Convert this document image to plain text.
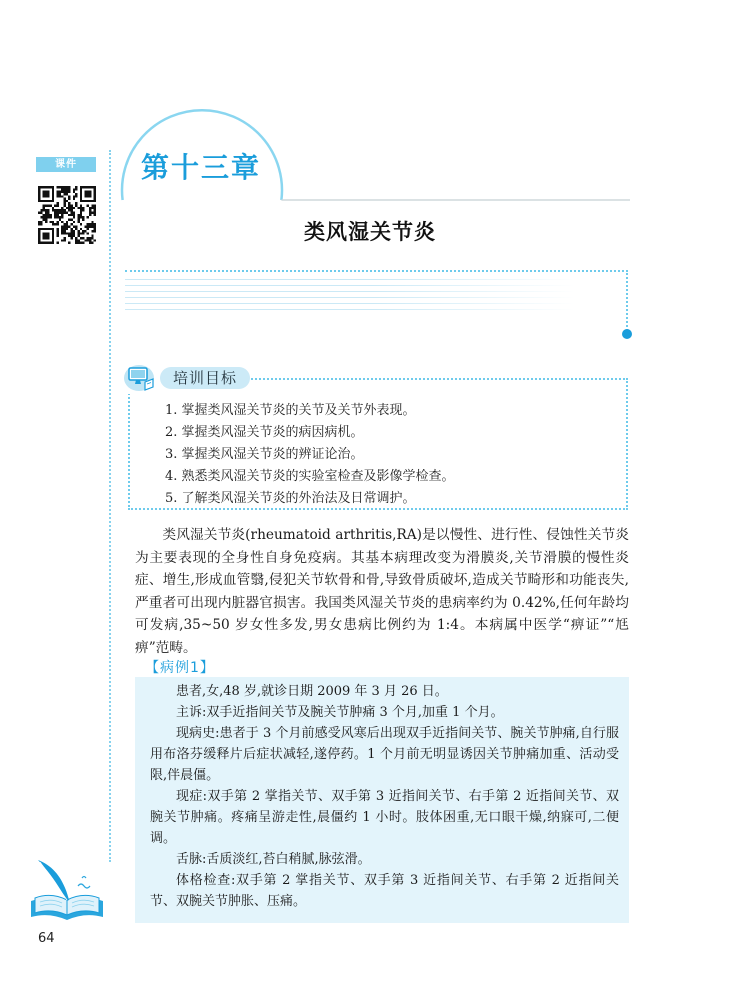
课件	第十三章
类风湿关节炎
培训目标
1. 掌握类风湿关节炎的关节及关节外表现。
2. 掌握类风湿关节炎的病因病机。
3. 掌握类风湿关节炎的辨证论治。
4. 熟悉类风湿关节炎的实验室检查及影像学检查。
5. 了解类风湿关节炎的外治法及日常调护。

类风湿关节炎(rheumatoid arthritis,RA)是以慢性、进行性、侵蚀性关节炎为主要表现的全身性自身免疫病。其基本病理改变为滑膜炎,关节滑膜的慢性炎症、增生,形成血管翳,侵犯关节软骨和骨,导致骨质破坏,造成关节畸形和功能丧失,严重者可出现内脏器官损害。我国类风湿关节炎的患病率约为 0.42%,任何年龄均可发病,35~50 岁女性多发,男女患病比例约为 1:4。本病属中医学“痹证”“尪痹”范畴。

【病例1】

患者,女,48 岁,就诊日期 2009 年 3 月 26 日。

主诉:双手近指间关节及腕关节肿痛 3 个月,加重 1 个月。

现病史:患者于 3 个月前感受风寒后出现双手近指间关节、腕关节肿痛,自行服用布洛芬缓释片后症状减轻,遂停药。1 个月前无明显诱因关节肿痛加重、活动受限,伴晨僵。

现症:双手第 2 掌指关节、双手第 3 近指间关节、右手第 2 近指间关节、双腕关节肿痛。疼痛呈游走性,晨僵约 1 小时。肢体困重,无口眼干燥,纳寐可,二便调。

舌脉:舌质淡红,苔白稍腻,脉弦滑。

体格检查:双手第 2 掌指关节、双手第 3 近指间关节、右手第 2 近指间关节、双腕关节肿胀、压痛。

64
